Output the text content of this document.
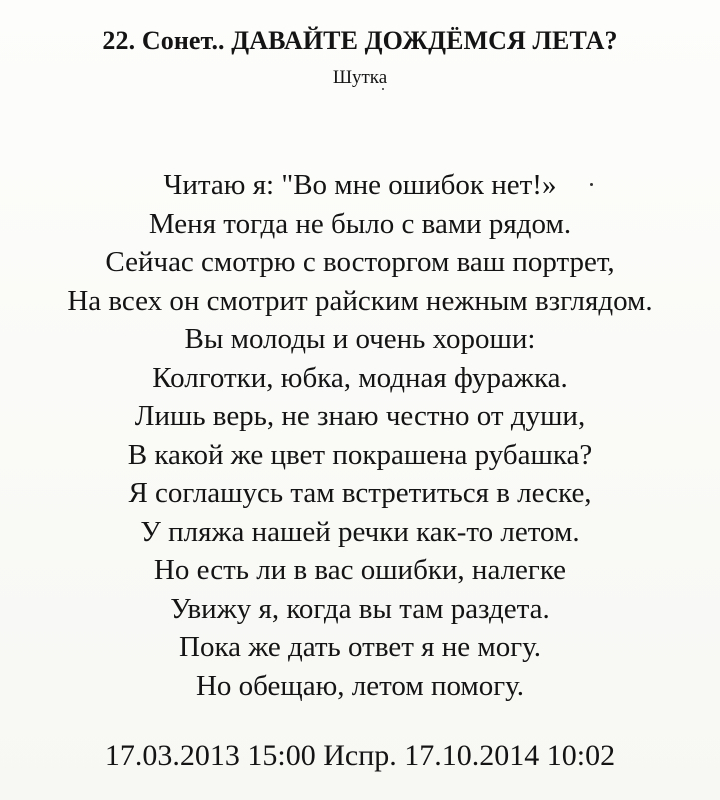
22. Сонет.. ДАВАЙТЕ ДОЖДЁМСЯ ЛЕТА?
Шутка
Читаю я: "Во мне ошибок нет!»
Меня тогда не было с вами рядом.
Сейчас смотрю с восторгом ваш портрет,
На всех он смотрит райским нежным взглядом.
Вы молоды и очень хороши:
Колготки, юбка, модная фуражка.
Лишь верь, не знаю честно от души,
В какой же цвет покрашена рубашка?
Я соглашусь там встретиться в леске,
У пляжа нашей речки как-то летом.
Но есть ли в вас ошибки, налегке
Увижу я, когда вы там раздета.
Пока же дать ответ я не могу.
Но обещаю, летом помогу.
17.03.2013 15:00 Испр. 17.10.2014 10:02
